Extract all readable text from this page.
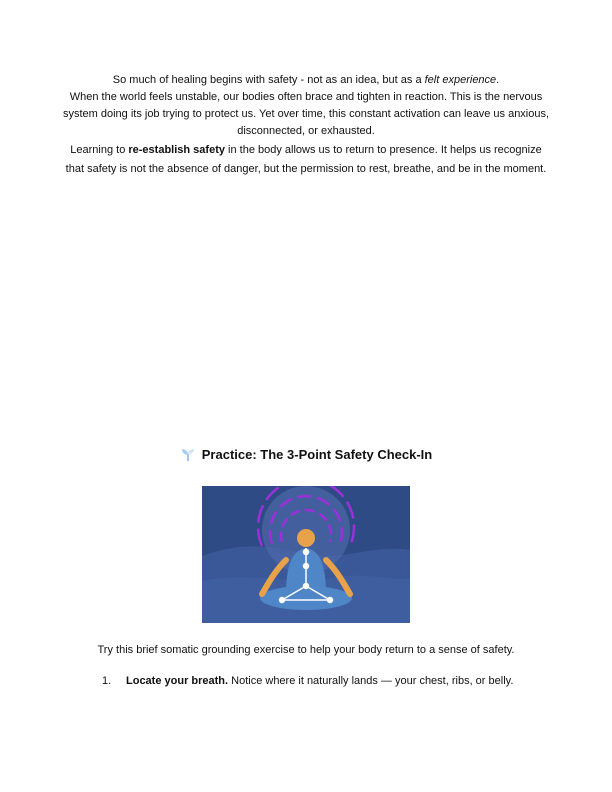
So much of healing begins with safety - not as an idea, but as a felt experience.
When the world feels unstable, our bodies often brace and tighten in reaction. This is the nervous system doing its job trying to protect us. Yet over time, this constant activation can leave us anxious, disconnected, or exhausted.

Learning to re-establish safety in the body allows us to return to presence. It helps us recognize that safety is not the absence of danger, but the permission to rest, breathe, and be in the moment.

Practice: The 3-Point Safety Check-In

Try this brief somatic grounding exercise to help your body return to a sense of safety.

1.	Locate your breath. Notice where it naturally lands — your chest, ribs, or belly.
